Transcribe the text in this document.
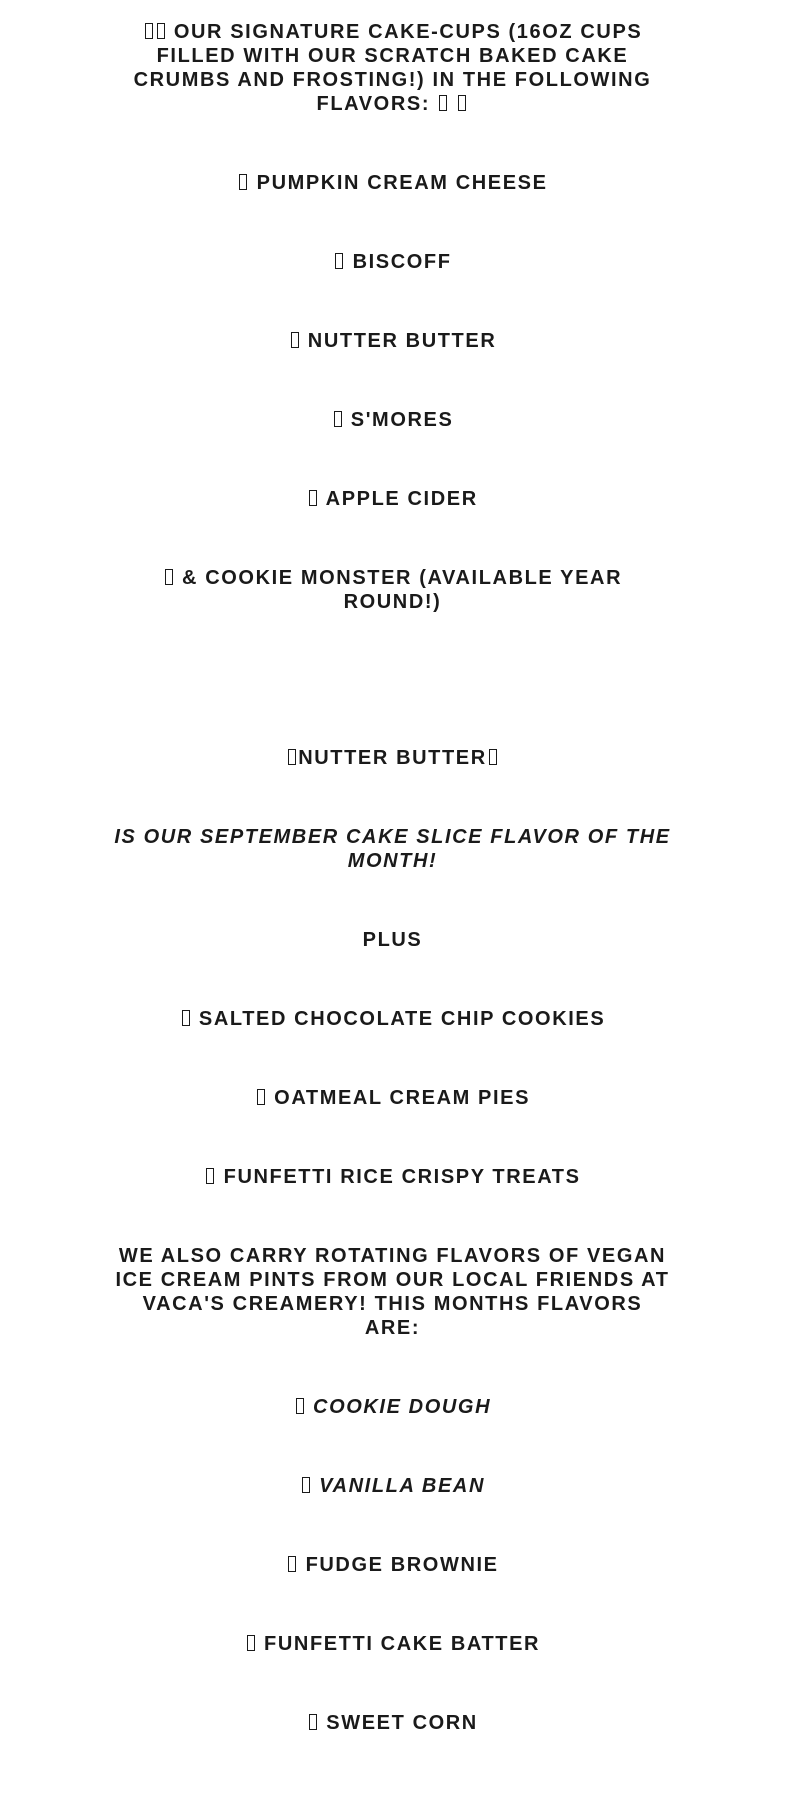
OUR SIGNATURE CAKE-CUPS (16OZ CUPS FILLED WITH OUR SCRATCH BAKED CAKE CRUMBS AND FROSTING!) IN THE FOLLOWING FLAVORS:

PUMPKIN CREAM CHEESE

BISCOFF

NUTTER BUTTER

S'MORES

APPLE CIDER

& COOKIE MONSTER (AVAILABLE YEAR ROUND!)

NUTTER BUTTER

IS OUR SEPTEMBER CAKE SLICE FLAVOR OF THE MONTH!

PLUS

SALTED CHOCOLATE CHIP COOKIES

OATMEAL CREAM PIES

FUNFETTI RICE CRISPY TREATS

WE ALSO CARRY ROTATING FLAVORS OF VEGAN ICE CREAM PINTS FROM OUR LOCAL FRIENDS AT VACA'S CREAMERY! THIS MONTHS FLAVORS ARE:

COOKIE DOUGH

VANILLA BEAN

FUDGE BROWNIE

FUNFETTI CAKE BATTER

SWEET CORN
